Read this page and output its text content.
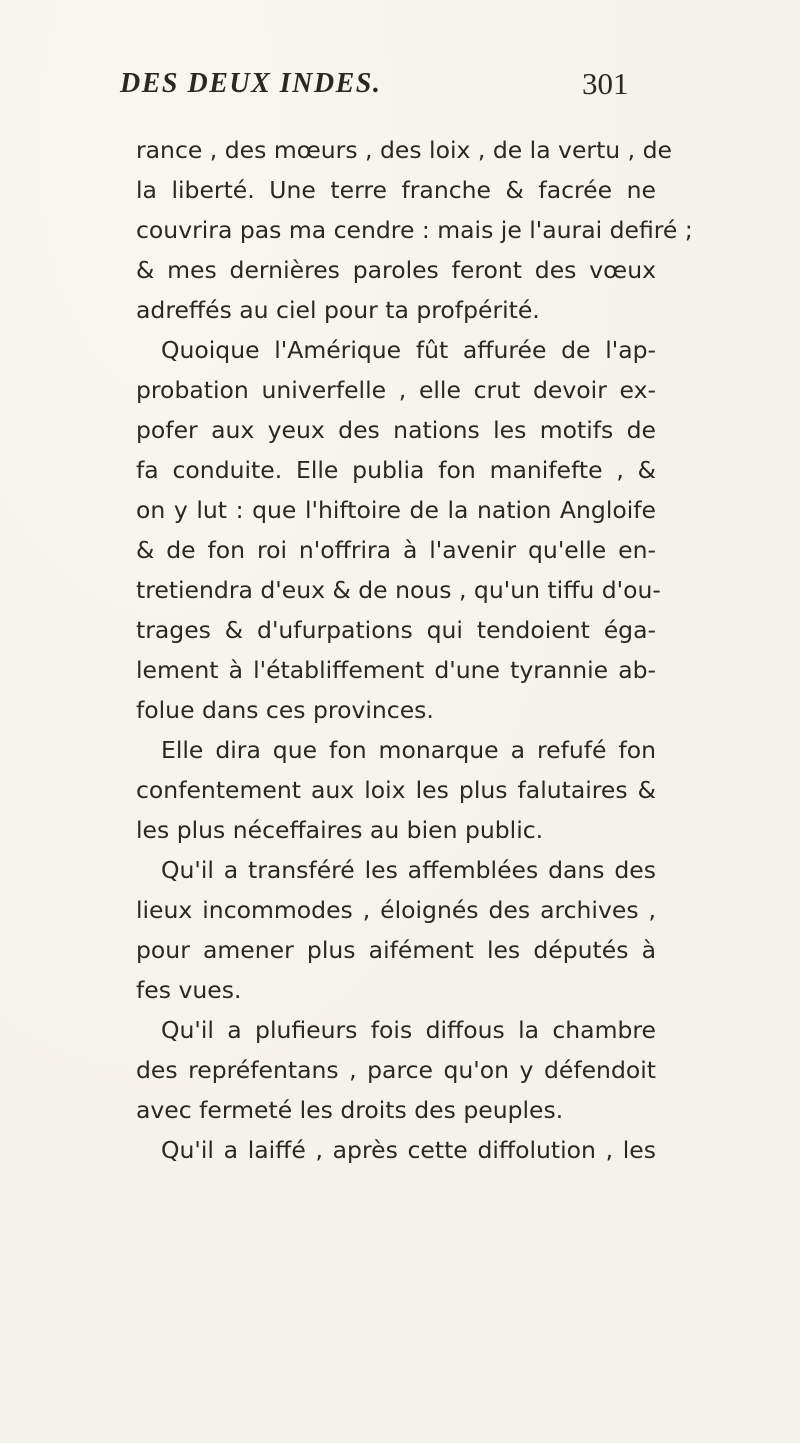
DES DEUX INDES.	301
rance , des mœurs , des loix , de la vertu , de
la liberté. Une terre franche & facrée ne
couvrira pas ma cendre : mais je l'aurai defiré ;
& mes dernières paroles feront des vœux
adreffés au ciel pour ta profpérité.
Quoique l'Amérique fût affurée de l'ap-
probation univerfelle , elle crut devoir ex-
pofer aux yeux des nations les motifs de
fa conduite. Elle publia fon manifefte , &
on y lut : que l'hiftoire de la nation Angloife
& de fon roi n'offrira à l'avenir qu'elle en-
tretiendra d'eux & de nous , qu'un tiffu d'ou-
trages & d'ufurpations qui tendoient éga-
lement à l'établiffement d'une tyrannie ab-
folue dans ces provinces.
Elle dira que fon monarque a refufé fon
confentement aux loix les plus falutaires &
les plus néceffaires au bien public.
Qu'il a transféré les affemblées dans des
lieux incommodes , éloignés des archives ,
pour amener plus aifément les députés à
fes vues.
Qu'il a plufieurs fois diffous la chambre
des repréfentans , parce qu'on y défendoit
avec fermeté les droits des peuples.
Qu'il a laiffé , après cette diffolution , les
